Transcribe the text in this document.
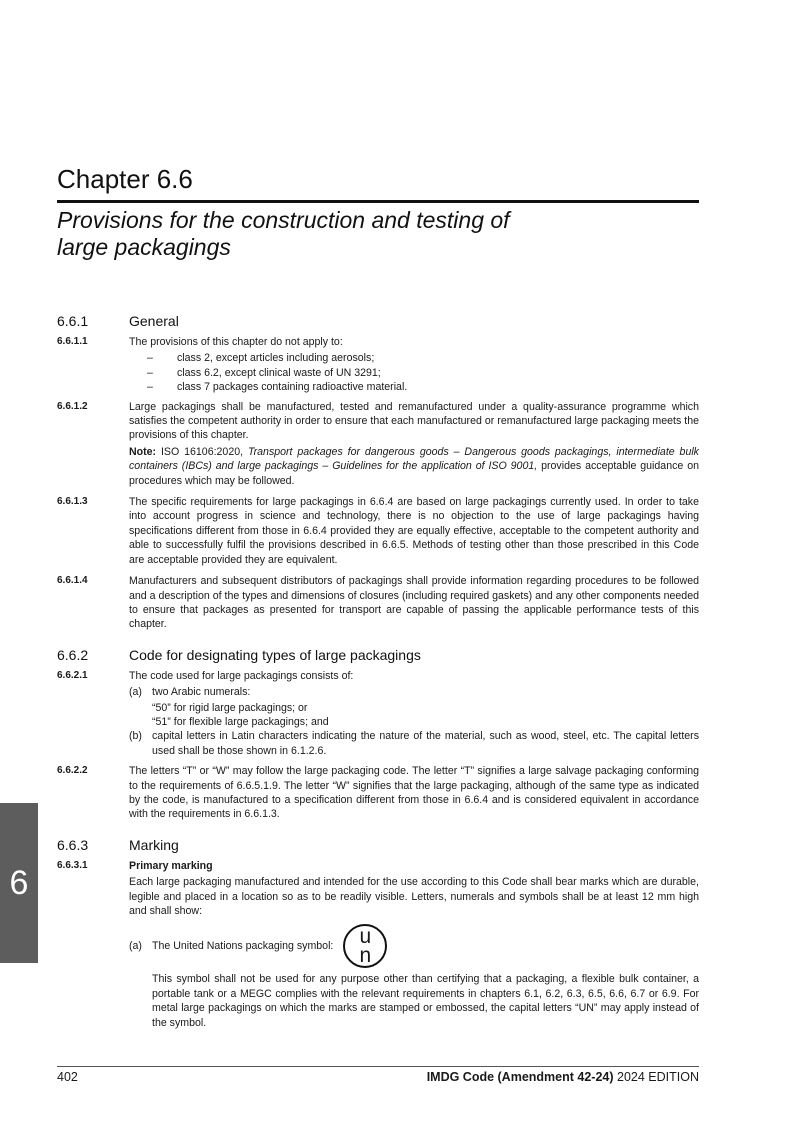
Chapter 6.6
Provisions for the construction and testing of large packagings
6.6.1	General
6.6.1.1	The provisions of this chapter do not apply to:

–	class 2, except articles including aerosols;
–	class 6.2, except clinical waste of UN 3291;
–	class 7 packages containing radioactive material.
6.6.1.2	Large packagings shall be manufactured, tested and remanufactured under a quality-assurance programme which satisfies the competent authority in order to ensure that each manufactured or remanufactured large packaging meets the provisions of this chapter.

Note: ISO 16106:2020, Transport packages for dangerous goods – Dangerous goods packagings, intermediate bulk containers (IBCs) and large packagings – Guidelines for the application of ISO 9001, provides acceptable guidance on procedures which may be followed.

6.6.1.3	The specific requirements for large packagings in 6.6.4 are based on large packagings currently used. In order to take into account progress in science and technology, there is no objection to the use of large packagings having specifications different from those in 6.6.4 provided they are equally effective, acceptable to the competent authority and able to successfully fulfil the provisions described in 6.6.5. Methods of testing other than those prescribed in this Code are acceptable provided they are equivalent.

6.6.1.4	Manufacturers and subsequent distributors of packagings shall provide information regarding procedures to be followed and a description of the types and dimensions of closures (including required gaskets) and any other components needed to ensure that packages as presented for transport are capable of passing the applicable performance tests of this chapter.

6.6.2	Code for designating types of large packagings
6.6.2.1	The code used for large packagings consists of:

(a) two Arabic numerals:
“50” for rigid large packagings; or
“51” for flexible large packagings; and
(b) capital letters in Latin characters indicating the nature of the material, such as wood, steel, etc. The capital letters used shall be those shown in 6.1.2.6.
6.6.2.2	The letters “T” or “W” may follow the large packaging code. The letter “T” signifies a large salvage packaging conforming to the requirements of 6.6.5.1.9. The letter “W” signifies that the large packaging, although of the same type as indicated by the code, is manufactured to a specification different from those in 6.6.4 and is considered equivalent in accordance with the requirements in 6.6.1.3.

6.6.3	Marking
6.6.3.1	Primary marking

Each large packaging manufactured and intended for the use according to this Code shall bear marks which are durable, legible and placed in a location so as to be readily visible. Letters, numerals and symbols shall be at least 12 mm high and shall show:

(a) The United Nations packaging symbol: u
n

This symbol shall not be used for any purpose other than certifying that a packaging, a flexible bulk container, a portable tank or a MEGC complies with the relevant requirements in chapters 6.1, 6.2, 6.3, 6.5, 6.6, 6.7 or 6.9. For metal large packagings on which the marks are stamped or embossed, the capital letters “UN” may apply instead of the symbol.

6
402	IMDG Code (Amendment 42-24) 2024 EDITION
